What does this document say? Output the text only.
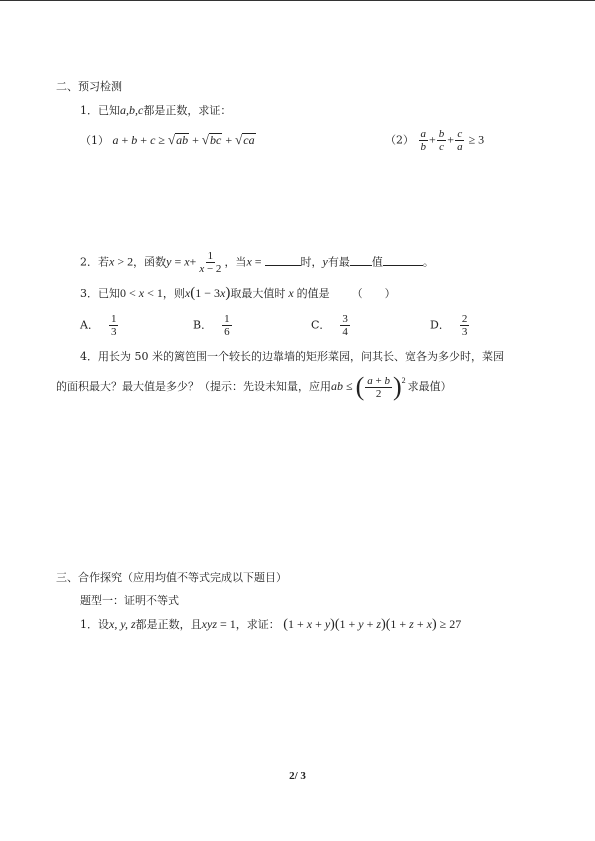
二、预习检测
1．已知a,b,c都是正数，求证：
（1） a + b + c ≥ √ ab + √ bc + √ ca	$(2) \frac{a}{b} + \frac{b}{c} + \frac{c}{a} \ge 3$
2．若x > 2，函数$y = x+ \frac{1}{x - 2}$ ，当x =	时，y有最 值	。
3．已知0 < x < 1，则x(1 − 3x)取最大值时 x 的值是 （　　）
A． $\frac{1}{3}$	B． $\frac{1}{6}$	C． $\frac{3}{4}$	D． $\frac{2}{3}$
4．用长为 50 米的篱笆围一个较长的边靠墙的矩形菜园，问其长、宽各为多少时，菜园
的面积最大？最大值是多少？（提示：先设未知量，应用ab ≤ ( $\frac{a + b}{2} )^2$ 求最值）
三、合作探究（应用均值不等式完成以下题目）
题型一：证明不等式
1．设x, y, z都是正数，且xyz = 1，求证： (1 + x + y)(1 + y + z)(1 + z + x) ≥ 27
2/ 3
